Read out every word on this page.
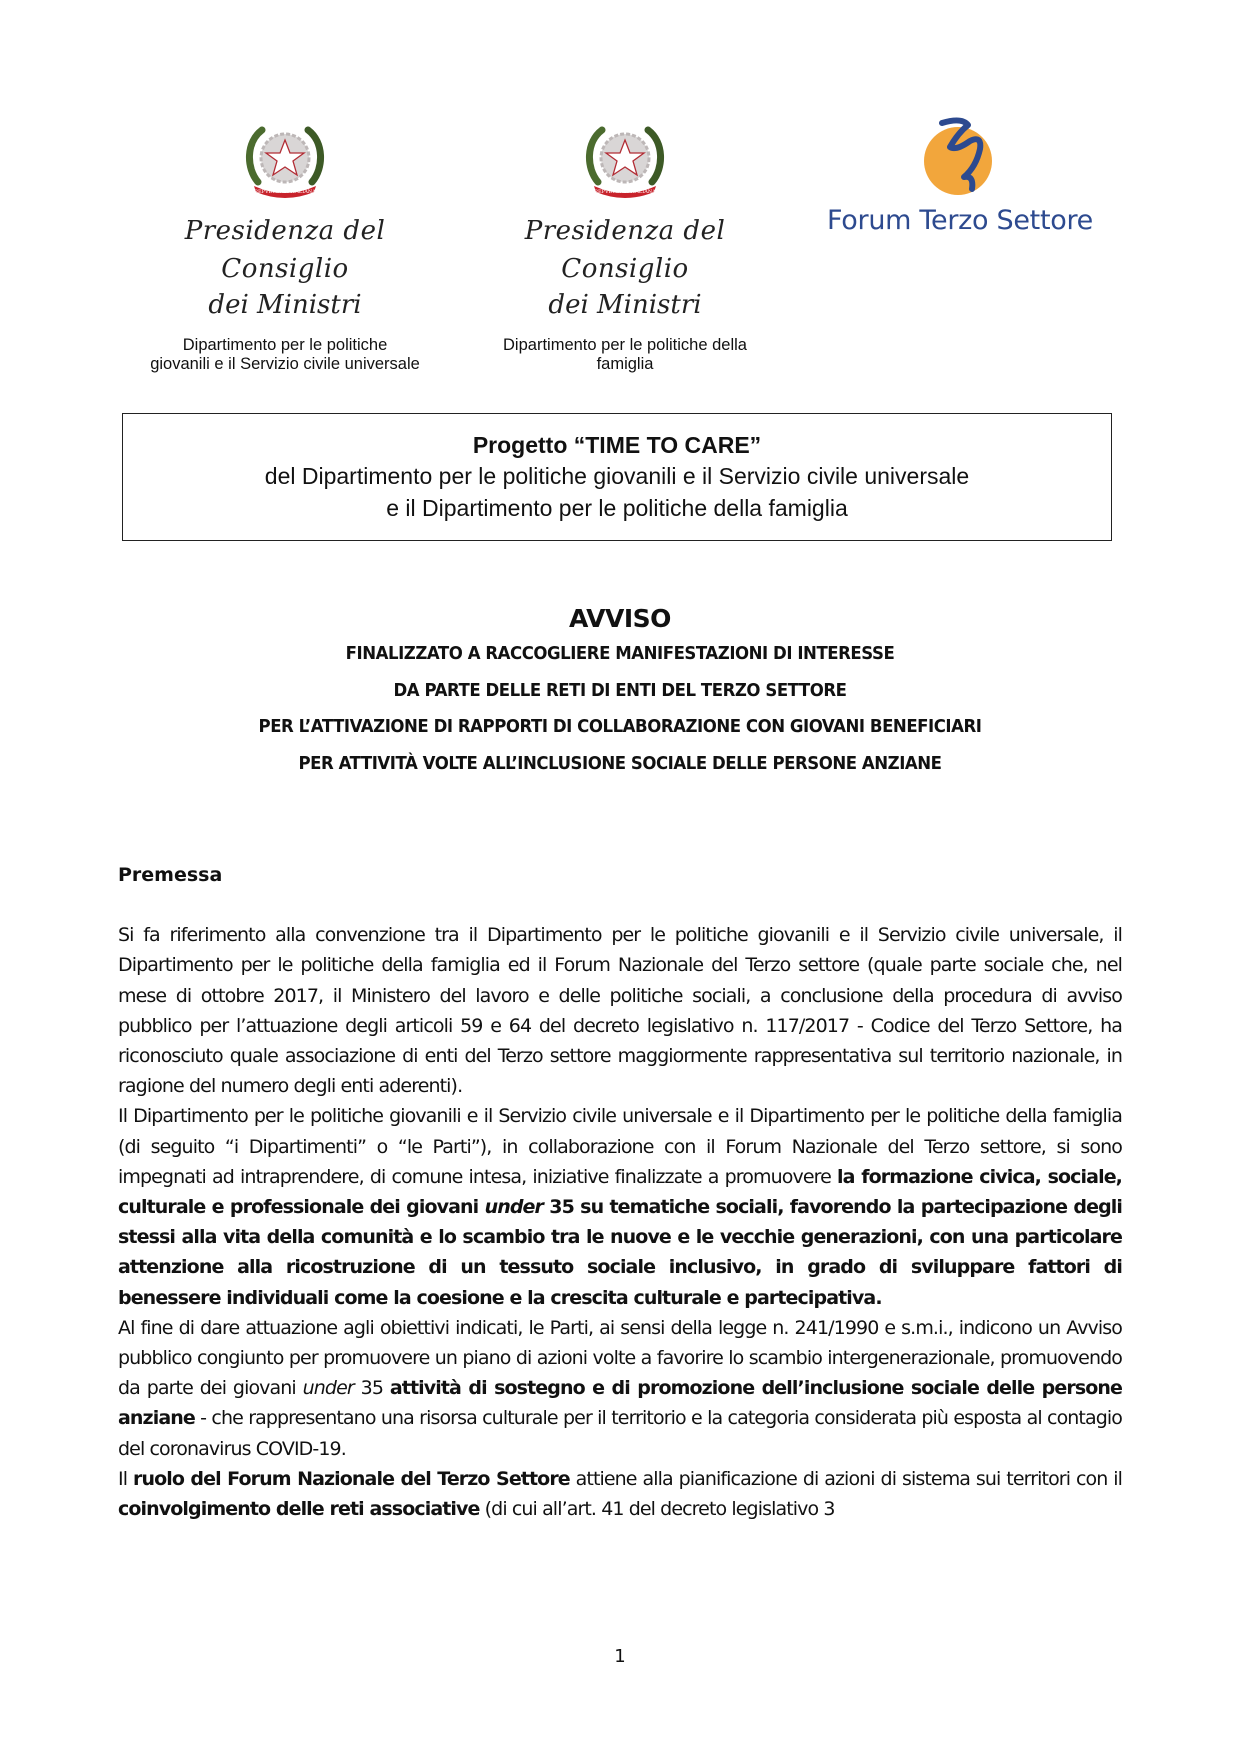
REPVBBLICA ITALIANA
Presidenza del Consiglio
dei Ministri
Dipartimento per le politiche
giovanili e il Servizio civile universale
REPVBBLICA ITALIANA
Presidenza del Consiglio
dei Ministri
Dipartimento per le politiche della
famiglia
Forum Terzo Settore
Progetto “TIME TO CARE”
del Dipartimento per le politiche giovanili e il Servizio civile universale
e il Dipartimento per le politiche della famiglia
AVVISO
FINALIZZATO A RACCOGLIERE MANIFESTAZIONI DI INTERESSE
DA PARTE DELLE RETI DI ENTI DEL TERZO SETTORE
PER L’ATTIVAZIONE DI RAPPORTI DI COLLABORAZIONE CON GIOVANI BENEFICIARI
PER ATTIVITÀ VOLTE ALL’INCLUSIONE SOCIALE DELLE PERSONE ANZIANE
Premessa

Si fa riferimento alla convenzione tra il Dipartimento per le politiche giovanili e il Servizio civile universale, il Dipartimento per le politiche della famiglia ed il Forum Nazionale del Terzo settore (quale parte sociale che, nel mese di ottobre 2017, il Ministero del lavoro e delle politiche sociali, a conclusione della procedura di avviso pubblico per l’attuazione degli articoli 59 e 64 del decreto legislativo n. 117/2017 - Codice del Terzo Settore, ha riconosciuto quale associazione di enti del Terzo settore maggiormente rappresentativa sul territorio nazionale, in ragione del numero degli enti aderenti).

Il Dipartimento per le politiche giovanili e il Servizio civile universale e il Dipartimento per le politiche della famiglia (di seguito “i Dipartimenti” o “le Parti”), in collaborazione con il Forum Nazionale del Terzo settore, si sono impegnati ad intraprendere, di comune intesa, iniziative finalizzate a promuovere la formazione civica, sociale, culturale e professionale dei giovani under 35 su tematiche sociali, favorendo la partecipazione degli stessi alla vita della comunità e lo scambio tra le nuove e le vecchie generazioni, con una particolare attenzione alla ricostruzione di un tessuto sociale inclusivo, in grado di sviluppare fattori di benessere individuali come la coesione e la crescita culturale e partecipativa.

Al fine di dare attuazione agli obiettivi indicati, le Parti, ai sensi della legge n. 241/1990 e s.m.i., indicono un Avviso pubblico congiunto per promuovere un piano di azioni volte a favorire lo scambio intergenerazionale, promuovendo da parte dei giovani under 35 attività di sostegno e di promozione dell’inclusione sociale delle persone anziane - che rappresentano una risorsa culturale per il territorio e la categoria considerata più esposta al contagio del coronavirus COVID-19.

Il ruolo del Forum Nazionale del Terzo Settore attiene alla pianificazione di azioni di sistema sui territori con il coinvolgimento delle reti associative (di cui all’art. 41 del decreto legislativo 3

1
